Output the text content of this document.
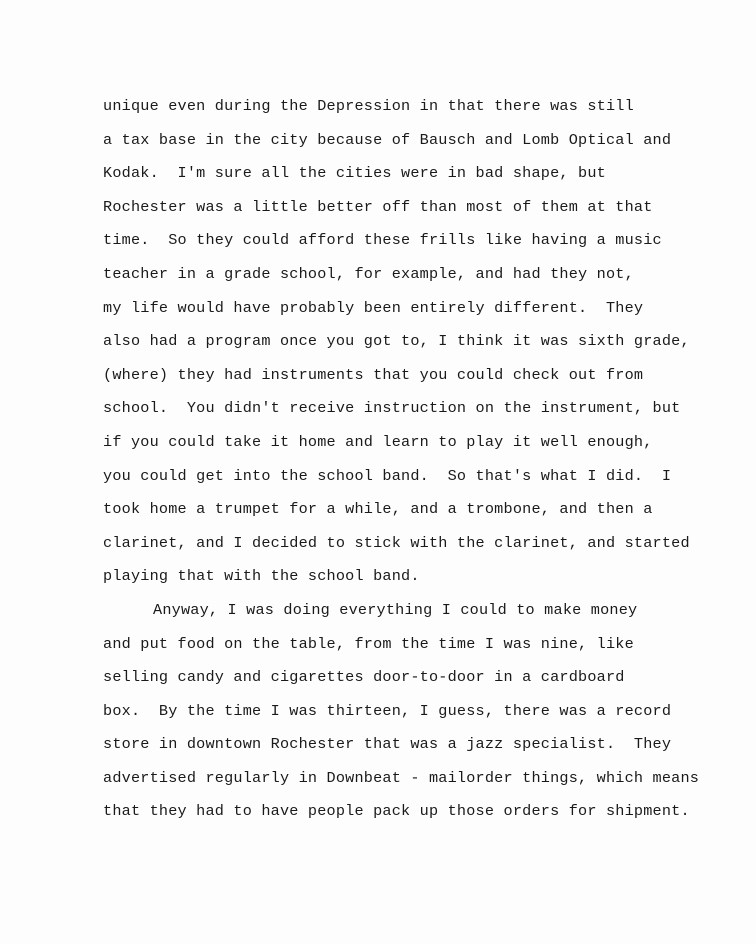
unique even during the Depression in that there was still
a tax base in the city because of Bausch and Lomb Optical and
Kodak.  I'm sure all the cities were in bad shape, but
Rochester was a little better off than most of them at that
time.  So they could afford these frills like having a music
teacher in a grade school, for example, and had they not,
my life would have probably been entirely different.  They
also had a program once you got to, I think it was sixth grade,
(where) they had instruments that you could check out from
school.  You didn't receive instruction on the instrument, but
if you could take it home and learn to play it well enough,
you could get into the school band.  So that's what I did.  I
took home a trumpet for a while, and a trombone, and then a
clarinet, and I decided to stick with the clarinet, and started
playing that with the school band.
Anyway, I was doing everything I could to make money
and put food on the table, from the time I was nine, like
selling candy and cigarettes door-to-door in a cardboard
box.  By the time I was thirteen, I guess, there was a record
store in downtown Rochester that was a jazz specialist.  They
advertised regularly in Downbeat - mailorder things, which means
that they had to have people pack up those orders for shipment.
